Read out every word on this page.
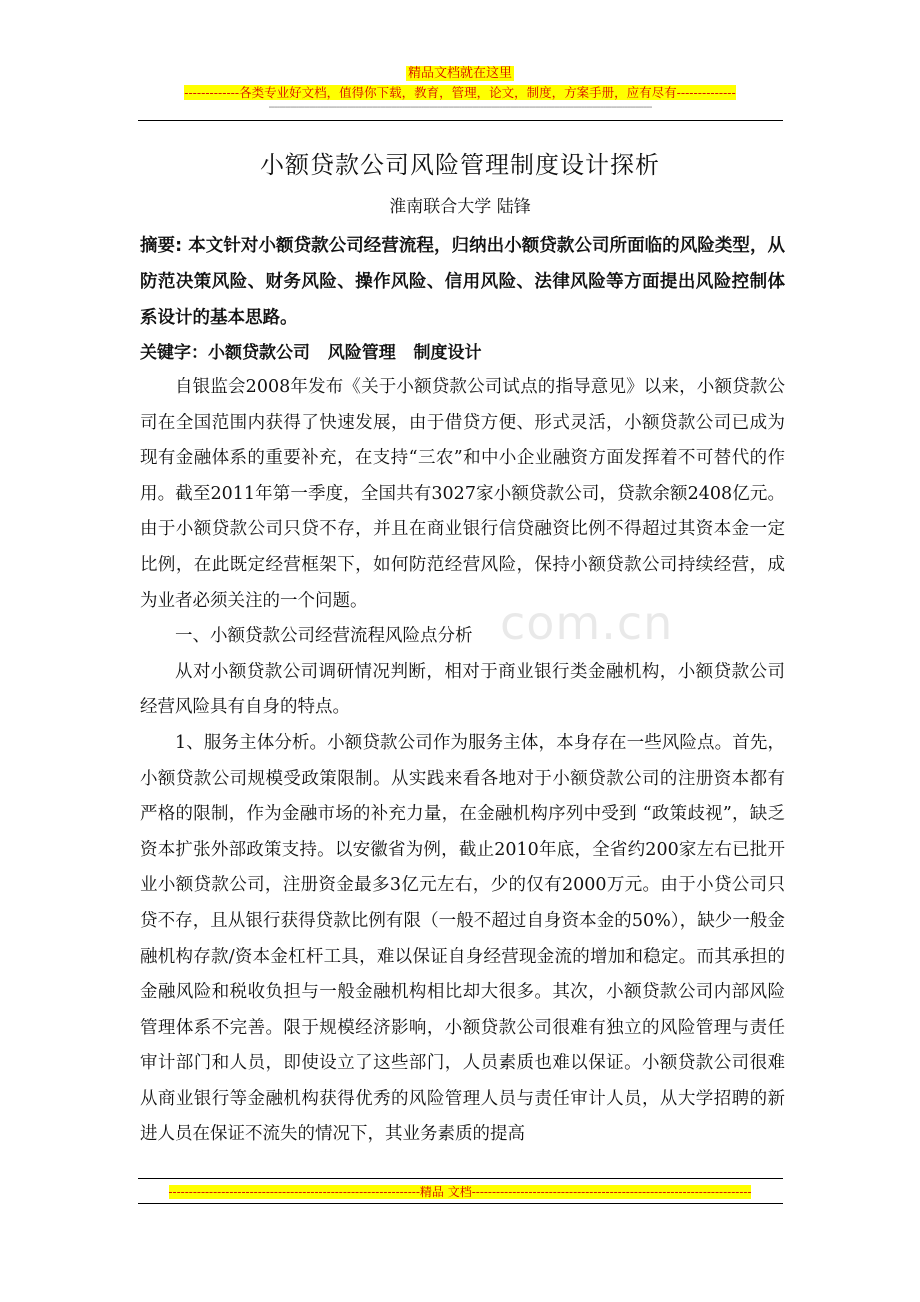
精品文档就在这里
-------------各类专业好文档，值得你下载，教育，管理，论文，制度，方案手册，应有尽有--------------
---------------------------------------------------------------------------------------------------------------------------------------------
小额贷款公司风险管理制度设计探析
淮南联合大学 陆锋
摘要: 本文针对小额贷款公司经营流程，归纳出小额贷款公司所面临的风险类型，从防范决策风险、财务风险、操作风险、信用风险、法律风险等方面提出风险控制体系设计的基本思路。
关键字：小额贷款公司   风险管理   制度设计

自银监会2008年发布《关于小额贷款公司试点的指导意见》以来，小额贷款公司在全国范围内获得了快速发展，由于借贷方便、形式灵活，小额贷款公司已成为现有金融体系的重要补充，在支持“三农”和中小企业融资方面发挥着不可替代的作用。截至2011年第一季度，全国共有3027家小额贷款公司，贷款余额2408亿元。由于小额贷款公司只贷不存，并且在商业银行信贷融资比例不得超过其资本金一定比例，在此既定经营框架下，如何防范经营风险，保持小额贷款公司持续经营，成为业者必须关注的一个问题。

一、小额贷款公司经营流程风险点分析

从对小额贷款公司调研情况判断，相对于商业银行类金融机构，小额贷款公司经营风险具有自身的特点。

1、服务主体分析。小额贷款公司作为服务主体，本身存在一些风险点。首先，小额贷款公司规模受政策限制。从实践来看各地对于小额贷款公司的注册资本都有严格的限制，作为金融市场的补充力量，在金融机构序列中受到 “政策歧视”，缺乏资本扩张外部政策支持。以安徽省为例，截止2010年底，全省约200家左右已批开业小额贷款公司，注册资金最多3亿元左右，少的仅有2000万元。由于小贷公司只贷不存，且从银行获得贷款比例有限（一般不超过自身资本金的50%），缺少一般金融机构存款/资本金杠杆工具，难以保证自身经营现金流的增加和稳定。而其承担的金融风险和税收负担与一般金融机构相比却大很多。其次，小额贷款公司内部风险管理体系不完善。限于规模经济影响，小额贷款公司很难有独立的风险管理与责任审计部门和人员，即使设立了这些部门，人员素质也难以保证。小额贷款公司很难从商业银行等金融机构获得优秀的风险管理人员与责任审计人员，从大学招聘的新进人员在保证不流失的情况下，其业务素质的提高

com.cn
--------------------------------------------------------------精品 文档---------------------------------------------------------------------
